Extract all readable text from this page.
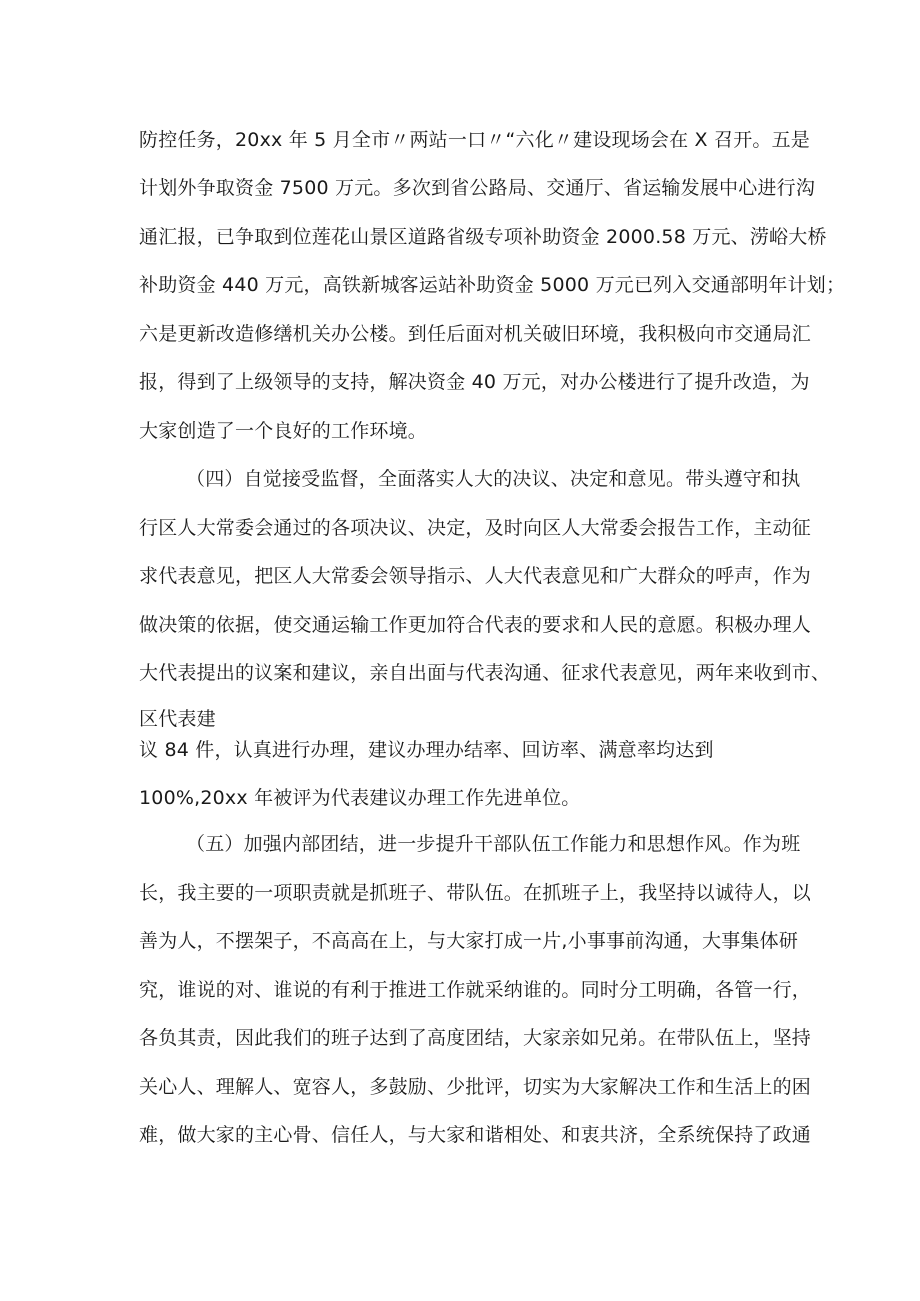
防控任务，20xx 年 5 月全市〃两站一口〃“六化〃建设现场会在 X 召开。五是
计划外争取资金 7500 万元。多次到省公路局、交通厅、省运输发展中心进行沟
通汇报，已争取到位莲花山景区道路省级专项补助资金 2000.58 万元、涝峪大桥
补助资金 440 万元，高铁新城客运站补助资金 5000 万元已列入交通部明年计划；
六是更新改造修缮机关办公楼。到任后面对机关破旧环境，我积极向市交通局汇
报，得到了上级领导的支持，解决资金 40 万元，对办公楼进行了提升改造，为
大家创造了一个良好的工作环境。
（四）自觉接受监督，全面落实人大的决议、决定和意见。带头遵守和执
行区人大常委会通过的各项决议、决定，及时向区人大常委会报告工作，主动征
求代表意见，把区人大常委会领导指示、人大代表意见和广大群众的呼声，作为
做决策的依据，使交通运输工作更加符合代表的要求和人民的意愿。积极办理人
大代表提出的议案和建议，亲自出面与代表沟通、征求代表意见，两年来收到市、
区代表建
议 84 件，认真进行办理，建议办理办结率、回访率、满意率均达到
100%,20xx 年被评为代表建议办理工作先进单位。
（五）加强内部团结，进一步提升干部队伍工作能力和思想作风。作为班
长，我主要的一项职责就是抓班子、带队伍。在抓班子上，我坚持以诚待人，以
善为人，不摆架子，不高高在上，与大家打成一片,小事事前沟通，大事集体研
究，谁说的对、谁说的有利于推进工作就采纳谁的。同时分工明确，各管一行，
各负其责，因此我们的班子达到了高度团结，大家亲如兄弟。在带队伍上，坚持
关心人、理解人、宽容人，多鼓励、少批评，切实为大家解决工作和生活上的困
难，做大家的主心骨、信任人，与大家和谐相处、和衷共济，全系统保持了政通
